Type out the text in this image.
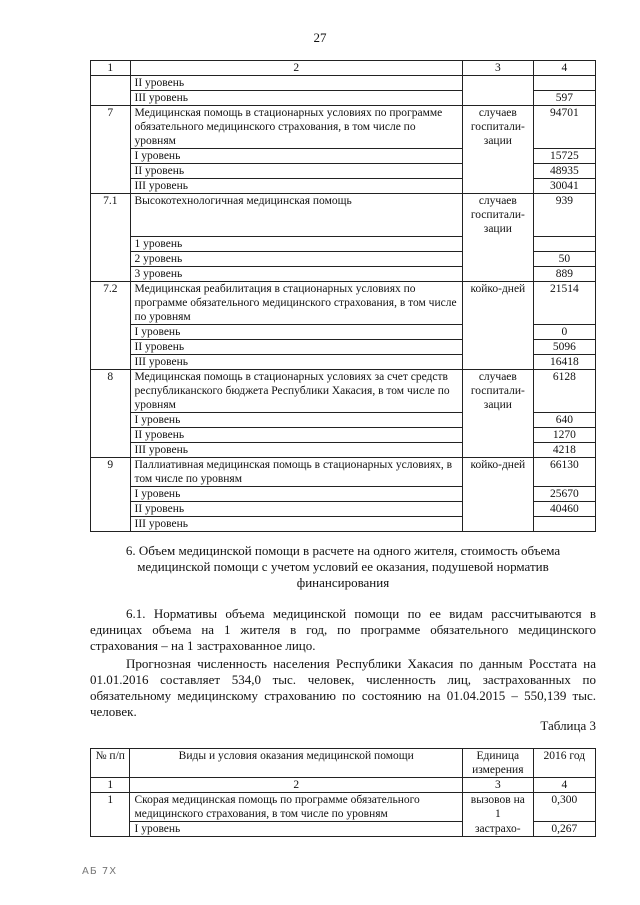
27
1	2	3	4
	II уровень		
	III уровень		597
7	Медицинская помощь в стационарных условиях по программе обязательного медицинского страхования, в том числе по уровням	случаев госпитали-зации	94701
	I уровень		15725
	II уровень		48935
	III уровень		30041
7.1	Высокотехнологичная медицинская помощь	случаев госпитали-зации	939
	1 уровень		
	2 уровень		50
	3 уровень		889
7.2	Медицинская реабилитация в стационарных условиях по программе обязательного медицинского страхования, в том числе по уровням	койко-дней	21514
	I уровень		0
	II уровень		5096
	III уровень		16418
8	Медицинская помощь в стационарных условиях за счет средств республиканского бюджета Республики Хакасия, в том числе по уровням	случаев госпитали-зации	6128
	I уровень		640
	II уровень		1270
	III уровень		4218
9	Паллиативная медицинская помощь в стационарных условиях, в том числе по уровням	койко-дней	66130
	I уровень		25670
	II уровень		40460
	III уровень		
6. Объем медицинской помощи в расчете на одного жителя, стоимость объема медицинской помощи с учетом условий ее оказания, подушевой норматив финансирования
6.1. Нормативы объема медицинской помощи по ее видам рассчитываются в единицах объема на 1 жителя в год, по программе обязательного медицинского страхования – на 1 застрахованное лицо.
Прогнозная численность населения Республики Хакасия по данным Росстата на 01.01.2016 составляет 534,0 тыс. человек, численность лиц, застрахованных по обязательному медицинскому страхованию по состоянию на 01.04.2015 – 550,139 тыс. человек.
Таблица 3
№ п/п	Виды и условия оказания медицинской помощи	Единица измерения	2016 год
1	2	3	4
1	Скорая медицинская помощь по программе обязательного медицинского страхования, в том числе по уровням	вызовов на 1	0,300
	I уровень	застрахо-	0,267
АБ 7Х
